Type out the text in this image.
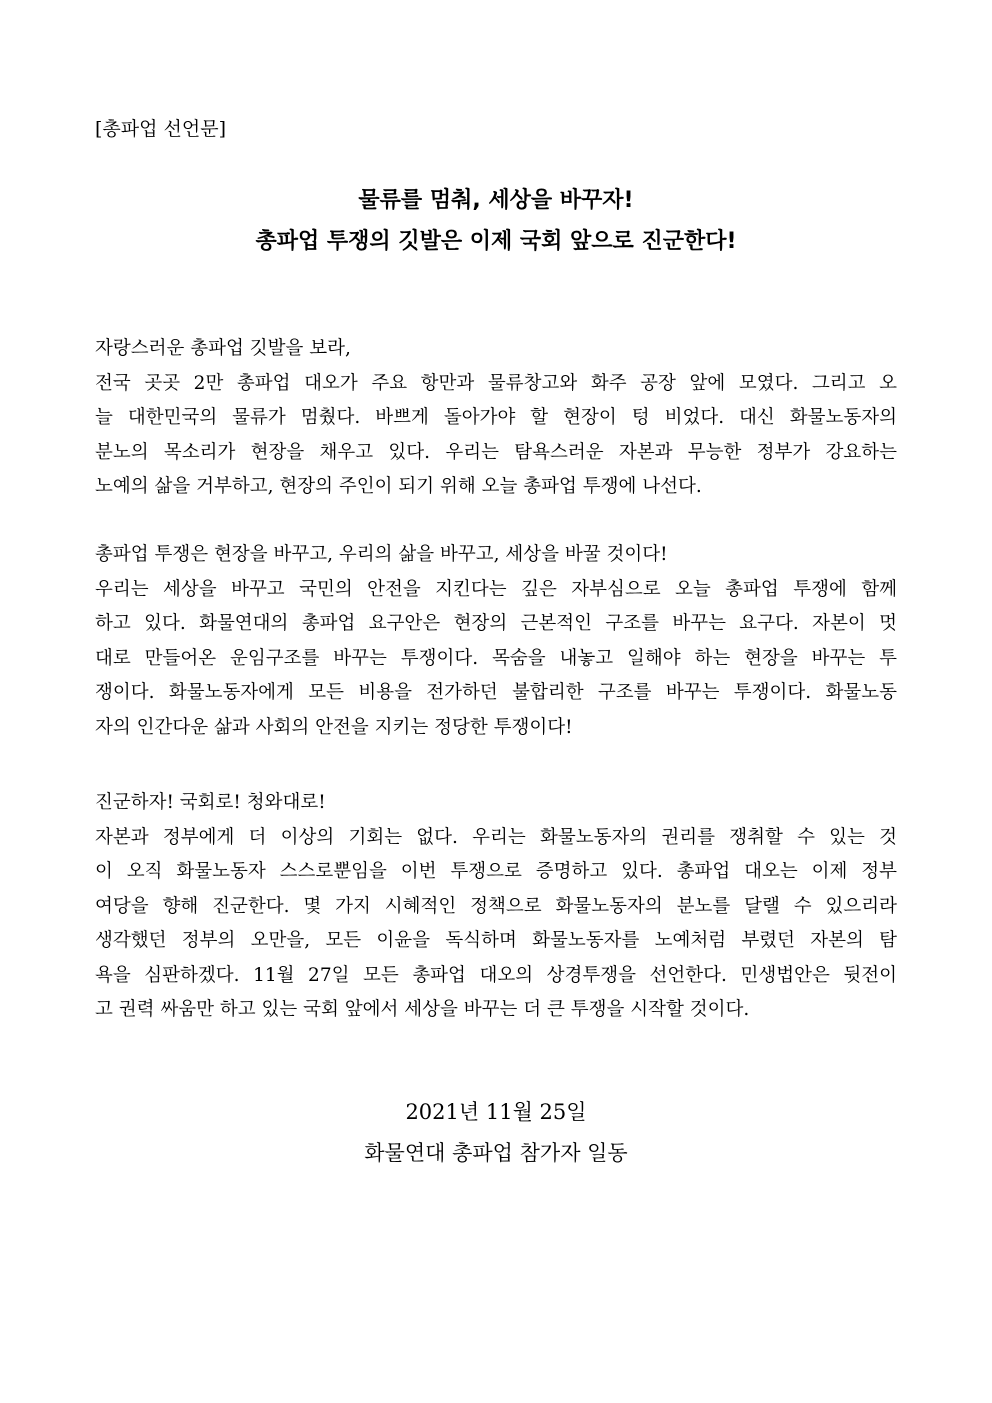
[총파업 선언문]
물류를 멈춰, 세상을 바꾸자!
총파업 투쟁의 깃발은 이제 국회 앞으로 진군한다!
자랑스러운 총파업 깃발을 보라,
전국 곳곳 2만 총파업 대오가 주요 항만과 물류창고와 화주 공장 앞에 모였다. 그리고 오
늘 대한민국의 물류가 멈췄다. 바쁘게 돌아가야 할 현장이 텅 비었다. 대신 화물노동자의
분노의 목소리가 현장을 채우고 있다. 우리는 탐욕스러운 자본과 무능한 정부가 강요하는
노예의 삶을 거부하고, 현장의 주인이 되기 위해 오늘 총파업 투쟁에 나선다.
총파업 투쟁은 현장을 바꾸고, 우리의 삶을 바꾸고, 세상을 바꿀 것이다!
우리는 세상을 바꾸고 국민의 안전을 지킨다는 깊은 자부심으로 오늘 총파업 투쟁에 함께
하고 있다. 화물연대의 총파업 요구안은 현장의 근본적인 구조를 바꾸는 요구다. 자본이 멋
대로 만들어온 운임구조를 바꾸는 투쟁이다. 목숨을 내놓고 일해야 하는 현장을 바꾸는 투
쟁이다. 화물노동자에게 모든 비용을 전가하던 불합리한 구조를 바꾸는 투쟁이다. 화물노동
자의 인간다운 삶과 사회의 안전을 지키는 정당한 투쟁이다!
진군하자! 국회로! 청와대로!
자본과 정부에게 더 이상의 기회는 없다. 우리는 화물노동자의 권리를 쟁취할 수 있는 것
이 오직 화물노동자 스스로뿐임을 이번 투쟁으로 증명하고 있다. 총파업 대오는 이제 정부
여당을 향해 진군한다. 몇 가지 시혜적인 정책으로 화물노동자의 분노를 달랠 수 있으리라
생각했던 정부의 오만을, 모든 이윤을 독식하며 화물노동자를 노예처럼 부렸던 자본의 탐
욕을 심판하겠다. 11월 27일 모든 총파업 대오의 상경투쟁을 선언한다. 민생법안은 뒷전이
고 권력 싸움만 하고 있는 국회 앞에서 세상을 바꾸는 더 큰 투쟁을 시작할 것이다.
2021년 11월 25일
화물연대 총파업 참가자 일동
